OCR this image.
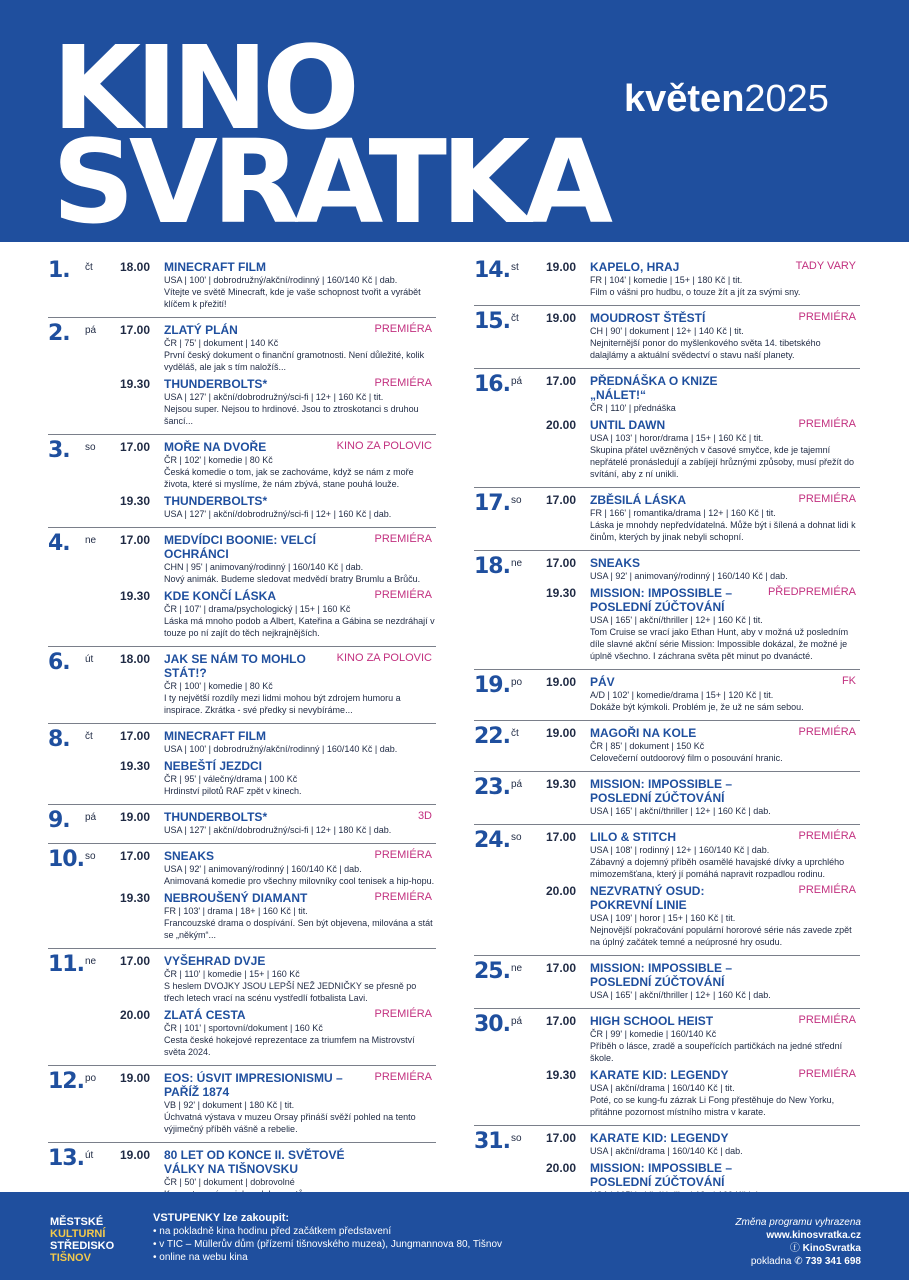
KINO
SVRATKA
květen2025
1.	čt 18.00 MINECRAFT FILM
USA | 100' | dobrodružný/akční/rodinný | 160/140 Kč | dab.
Vítejte ve světě Minecraft, kde je vaše schopnost tvořit a vyrábět klíčem k přežití!
2.	pá 17.00 ZLATÝ PLÁN	PREMIÉRA
ČR | 75' | dokument | 140 Kč
První český dokument o finanční gramotnosti. Není důležité, kolik vyděláš, ale jak s tím naložíš...
19.30 THUNDERBOLTS*	PREMIÉRA
USA | 127' | akční/dobrodružný/sci-fi | 12+ | 160 Kč | tit.
Nejsou super. Nejsou to hrdinové. Jsou to ztroskotanci s druhou šancí...
3.	so 17.00 MOŘE NA DVOŘE	KINO ZA POLOVIC
ČR | 102' | komedie | 80 Kč
Česká komedie o tom, jak se zachováme, když se nám z moře života, které si myslíme, že nám zbývá, stane pouhá louže.
19.30 THUNDERBOLTS*
USA | 127' | akční/dobrodružný/sci-fi | 12+ | 160 Kč | dab.
4.	ne 17.00 MEDVÍDCI BOONIE: VELCÍ OCHRÁNCI
PREMIÉRA
CHN | 95' | animovaný/rodinný | 160/140 Kč | dab.
Nový animák. Budeme sledovat medvědí bratry Brumlu a Brůču.
19.30 KDE KONČÍ LÁSKA	PREMIÉRA
ČR | 107' | drama/psychologický | 15+ | 160 Kč
Láska má mnoho podob a Albert, Kateřina a Gábina se nezdráhají v touze po ní zajít do těch nejkrajnějších.
6.	út 18.00 JAK SE NÁM TO MOHLO STÁT!?
KINO ZA POLOVIC
ČR | 100' | komedie | 80 Kč
I ty největší rozdíly mezi lidmi mohou být zdrojem humoru a inspirace. Zkrátka - své předky si nevybíráme...
8.	čt 17.00 MINECRAFT FILM
USA | 100' | dobrodružný/akční/rodinný | 160/140 Kč | dab.
19.30 NEBEŠTÍ JEZDCI
ČR | 95' | válečný/drama | 100 Kč
Hrdinství pilotů RAF zpět v kinech.
9.	pá 19.00 THUNDERBOLTS*	3D
USA | 127' | akční/dobrodružný/sci-fi | 12+ | 180 Kč | dab.
10. so 17.00 SNEAKS	PREMIÉRA
USA | 92' | animovaný/rodinný | 160/140 Kč | dab.
Animovaná komedie pro všechny milovníky cool tenisek a hip-hopu.
19.30 NEBROUŠENÝ DIAMANT	PREMIÉRA
FR | 103' | drama | 18+ | 160 Kč | tit.
Francouzské drama o dospívání. Sen být objevena, milována a stát se „někým“...
11. ne 17.00 VYŠEHRAD DVJE
ČR | 110' | komedie | 15+ | 160 Kč
S heslem DVOJKY JSOU LEPŠÍ NEŽ JEDNIČKY se přesně po třech letech vrací na scénu vystředlí fotbalista Lavi.
20.00 ZLATÁ CESTA	PREMIÉRA
ČR | 101' | sportovní/dokument | 160 Kč
Cesta české hokejové reprezentace za triumfem na Mistrovství světa 2024.
12. po 19.00 EOS: ÚSVIT IMPRESIONISMU – PAŘÍŽ 1874
PREMIÉRA
VB | 92' | dokument | 180 Kč | tit.
Úchvatná výstava v muzeu Orsay přináší svěží pohled na tento výjimečný příběh vášně a rebelie.
13. út 19.00 80 LET OD KONCE II. SVĚTOVÉ VÁLKY NA TIŠNOVSKU
ČR | 50' | dokument | dobrovolné
14. st 19.00 KAPELO, HRAJ	TADY VARY
FR | 104' | komedie | 15+ | 180 Kč | tit.
Film o vášni pro hudbu, o touze žít a jít za svými sny.
15. čt 19.00 MOUDROST ŠTĚSTÍ	PREMIÉRA
CH | 90' | dokument | 12+ | 140 Kč | tit.
Nejniternější ponor do myšlenkového světa 14. tibetského dalajlámy a aktuální svědectví o stavu naší planety.
16. pá 17.00 PŘEDNÁŠKA O KNIZE „NÁLET!“
ČR | 110' | přednáška
20.00 UNTIL DAWN	PREMIÉRA
USA | 103' | horor/drama | 15+ | 160 Kč | tit.
Skupina přátel uvězněných v časové smyčce, kde je tajemní nepřátelé pronásledují a zabíjejí hrůznými způsoby, musí přežít do svítání, aby z ní unikli.
17. so 17.00 ZBĚSILÁ LÁSKA	PREMIÉRA
FR | 166' | romantika/drama | 12+ | 160 Kč | tit.
Láska je mnohdy nepředvídatelná. Může být i šílená a dohnat lidi k činům, kterých by jinak nebyli schopní.
18. ne 17.00 SNEAKS
USA | 92' | animovaný/rodinný | 160/140 Kč | dab.
19.30 MISSION: IMPOSSIBLE – POSLEDNÍ ZÚČTOVÁNÍ
PŘEDPREMIÉRA
USA | 165' | akční/thriller | 12+ | 160 Kč | tit.
Tom Cruise se vrací jako Ethan Hunt, aby v možná už posledním díle slavné akční série Mission: Impossible dokázal, že možné je úplně všechno. I záchrana světa pět minut po dvanácté.
19. po 19.00 PÁV	FK
A/D | 102' | komedie/drama | 15+ | 120 Kč | tit.
Dokáže být kýmkoli. Problém je, že už ne sám sebou.
22. čt 19.00 MAGOŘI NA KOLE	PREMIÉRA
ČR | 85' | dokument | 150 Kč
Celovečerní outdoorový film o posouvání hranic.
23. pá 19.30 MISSION: IMPOSSIBLE – POSLEDNÍ ZÚČTOVÁNÍ
USA | 165' | akční/thriller | 12+ | 160 Kč | dab.
24. so 17.00 LILO & STITCH	PREMIÉRA
USA | 108' | rodinný | 12+ | 160/140 Kč | dab.
Zábavný a dojemný příběh osamělé havajské dívky a uprchlého mimozemšťana, který jí pomáhá napravit rozpadlou rodinu.
20.00 NEZVRATNÝ OSUD: POKREVNÍ LINIE
PREMIÉRA
USA | 109' | horor | 15+ | 160 Kč | tit.
Nejnovější pokračování populární hororové série nás zavede zpět na úplný začátek temné a neúprosné hry osudu.
25. ne 17.00 MISSION: IMPOSSIBLE – POSLEDNÍ ZÚČTOVÁNÍ
USA | 165' | akční/thriller | 12+ | 160 Kč | dab.
30. pá 17.00 HIGH SCHOOL HEIST	PREMIÉRA
ČR | 99' | komedie | 160/140 Kč
Příběh o lásce, zradě a soupeřících partičkách na jedné střední škole.
19.30 KARATE KID: LEGENDY	PREMIÉRA
USA | akční/drama | 160/140 Kč | tit.
Poté, co se kung-fu zázrak Li Fong přestěhuje do New Yorku, přitáhne pozornost místního mistra v karate.
31. so 17.00 KARATE KID: LEGENDY
USA | akční/drama | 160/140 Kč | dab.
20.00 MISSION: IMPOSSIBLE – POSLEDNÍ ZÚČTOVÁNÍ
MĚSTSKÉ
KULTURNÍ
STŘEDISKO
TIŠNOV
VSTUPENKY lze zakoupit:
• na pokladně kina hodinu před začátkem představení
• v TIC – Müllerův dům (přízemí tišnovského muzea), Jungmannova 80, Tišnov
• online na webu kina
Změna programu vyhrazena
www.kinosvratka.cz
ⓕ KinoSvratka
pokladna ✆ 739 341 698
